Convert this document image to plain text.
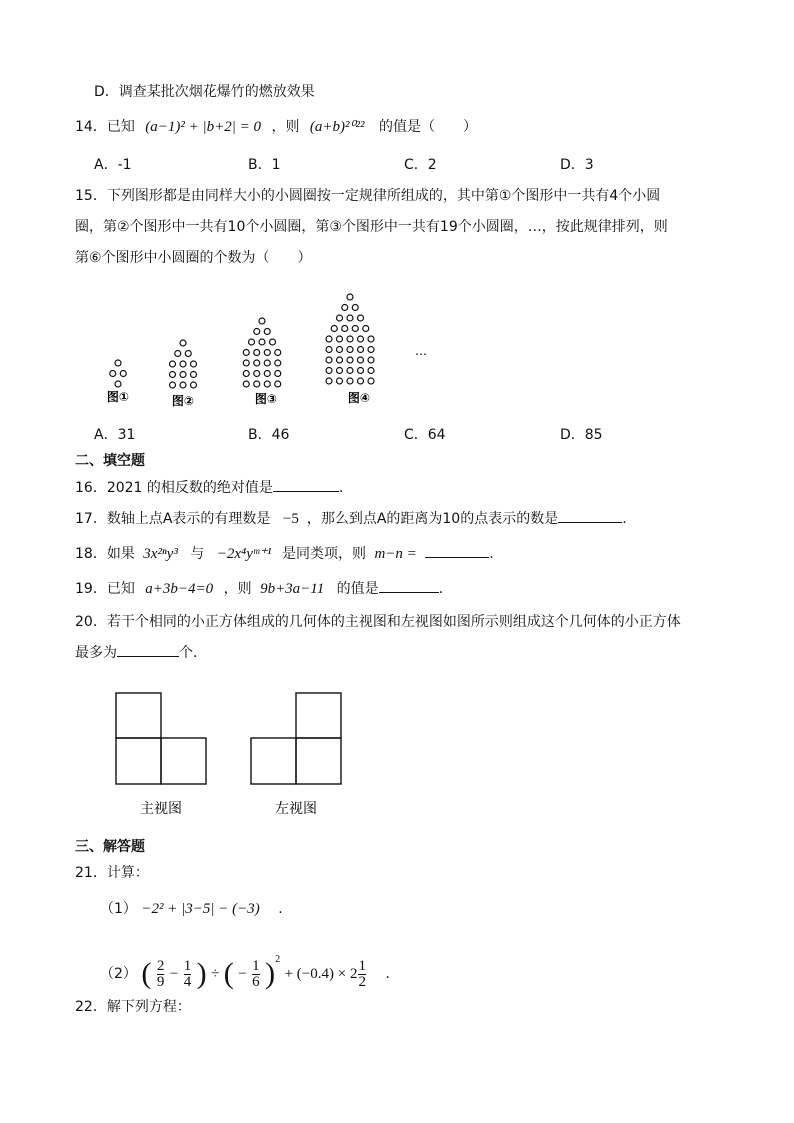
D．调查某批次烟花爆竹的燃放效果
14．已知 (a−1)² + |b+2| = 0 ，则 (a+b)²⁰²² 的值是（　　）
A．-1	B．1	C．2	D．3
15．下列图形都是由同样大小的小圆圈按一定规律所组成的，其中第①个图形中一共有4个小圆
圈，第②个图形中一共有10个小圆圈，第③个图形中一共有19个小圆圈，…，按此规律排列，则
第⑥个图形中小圆圈的个数为（　　）
图①	图②	图③	图④
…
A．31	B．46	C．64	D．85
二、填空题
16．2021 的相反数的绝对值是	.
17．数轴上点A表示的有理数是 −5 ，那么到点A的距离为10的点表示的数是	.
18．如果 3x²ⁿy³ 与 −2x⁴yᵐ⁺¹ 是同类项，则 m−n =	.
19．已知 a+3b−4=0 ，则 9b+3a−11 的值是	.
20．若干个相同的小正方体组成的几何体的主视图和左视图如图所示则组成这个几何体的小正方体
最多为	个．
主视图	左视图
三、解答题
21．计算：
（1） −2² + |3−5| − (−3) .
（2） ( $\frac{2}{9} - \frac{1}{4}$ ) ÷ ( − $\frac{1}{6} )^2 + (-0.4) \times 2 \frac{1}{2}$ .
22．解下列方程：
